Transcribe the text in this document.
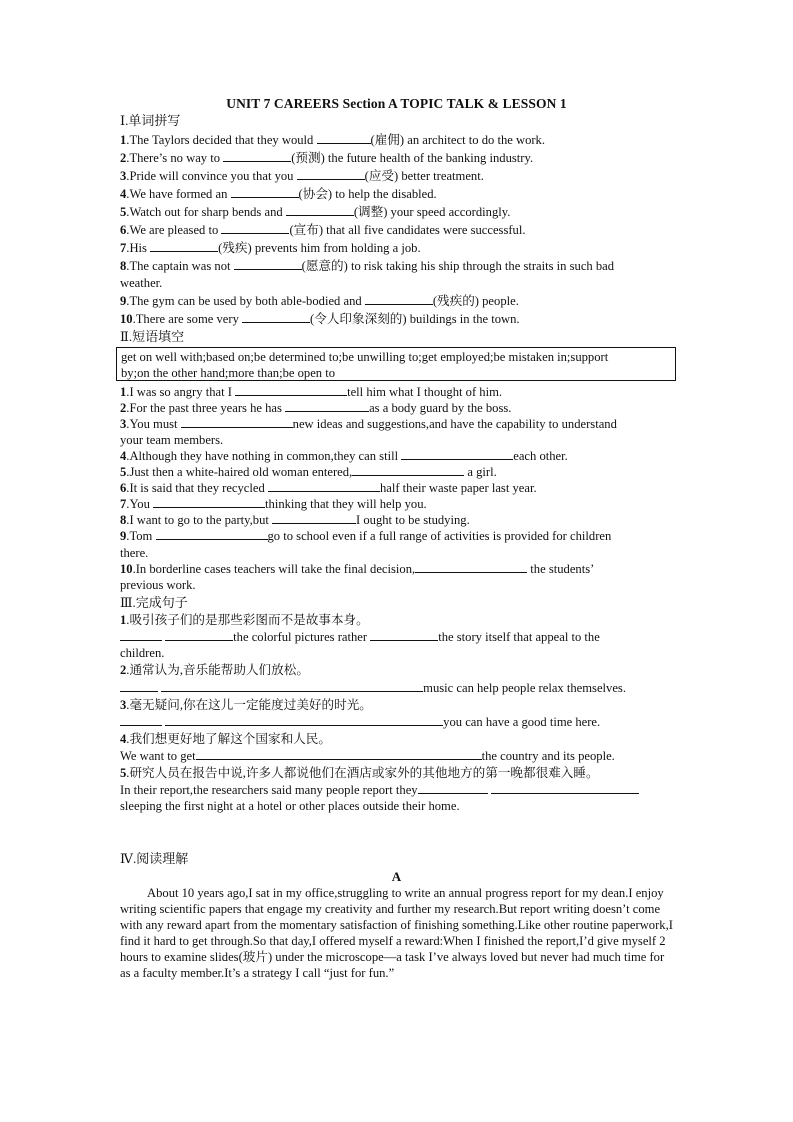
UNIT 7 CAREERS Section A TOPIC TALK & LESSON 1
Ⅰ.单词拼写
1.The Taylors decided that they would	(雇佣) an architect to do the work.
2.There’s no way to	(预测) the future health of the banking industry.
3.Pride will convince you that you	(应受) better treatment.
4.We have formed an	(协会) to help the disabled.
5.Watch out for sharp bends and	(调整) your speed accordingly.
6.We are pleased to	(宣布) that all five candidates were successful.
7.His	(残疾) prevents him from holding a job.
8.The captain was not	(愿意的) to risk taking his ship through the straits in such bad
weather.
9.The gym can be used by both able-bodied and	(残疾的) people.
10.There are some very	(令人印象深刻的) buildings in the town.
Ⅱ.短语填空
get on well with;based on;be determined to;be unwilling to;get employed;be mistaken in;support
by;on the other hand;more than;be open to
1.I was so angry that I	tell him what I thought of him.
2.For the past three years he has	as a body guard by the boss.
3.You must	new ideas and suggestions,and have the capability to understand
your team members.
4.Although they have nothing in common,they can still	each other.
5.Just then a white-haired old woman entered,	a girl.
6.It is said that they recycled	half their waste paper last year.
7.You	thinking that they will help you.
8.I want to go to the party,but	I ought to be studying.
9.Tom	go to school even if a full range of activities is provided for children
there.
10.In borderline cases teachers will take the final decision,	the students’
previous work.
Ⅲ.完成句子
1.吸引孩子们的是那些彩图而不是故事本身。
the colorful pictures rather	the story itself that appeal to the
children.
2.通常认为,音乐能帮助人们放松。
music can help people relax themselves.
3.毫无疑问,你在这儿一定能度过美好的时光。
you can have a good time here.
4.我们想更好地了解这个国家和人民。
We want to get	the country and its people.
5.研究人员在报告中说,许多人都说他们在酒店或家外的其他地方的第一晚都很难入睡。
In their report,the researchers said many people report they
sleeping the first night at a hotel or other places outside their home.
Ⅳ.阅读理解
A
About 10 years ago,I sat in my office,struggling to write an annual progress report for my dean.I enjoy writing scientific papers that engage my creativity and further my research.But report writing doesn’t come with any reward apart from the momentary satisfaction of finishing something.Like other routine paperwork,I find it hard to get through.So that day,I offered myself a reward:When I finished the report,I’d give myself 2 hours to examine slides(玻片) under the microscope—a task I’ve always loved but never had much time for as a faculty member.It’s a strategy I call “just for fun.”
